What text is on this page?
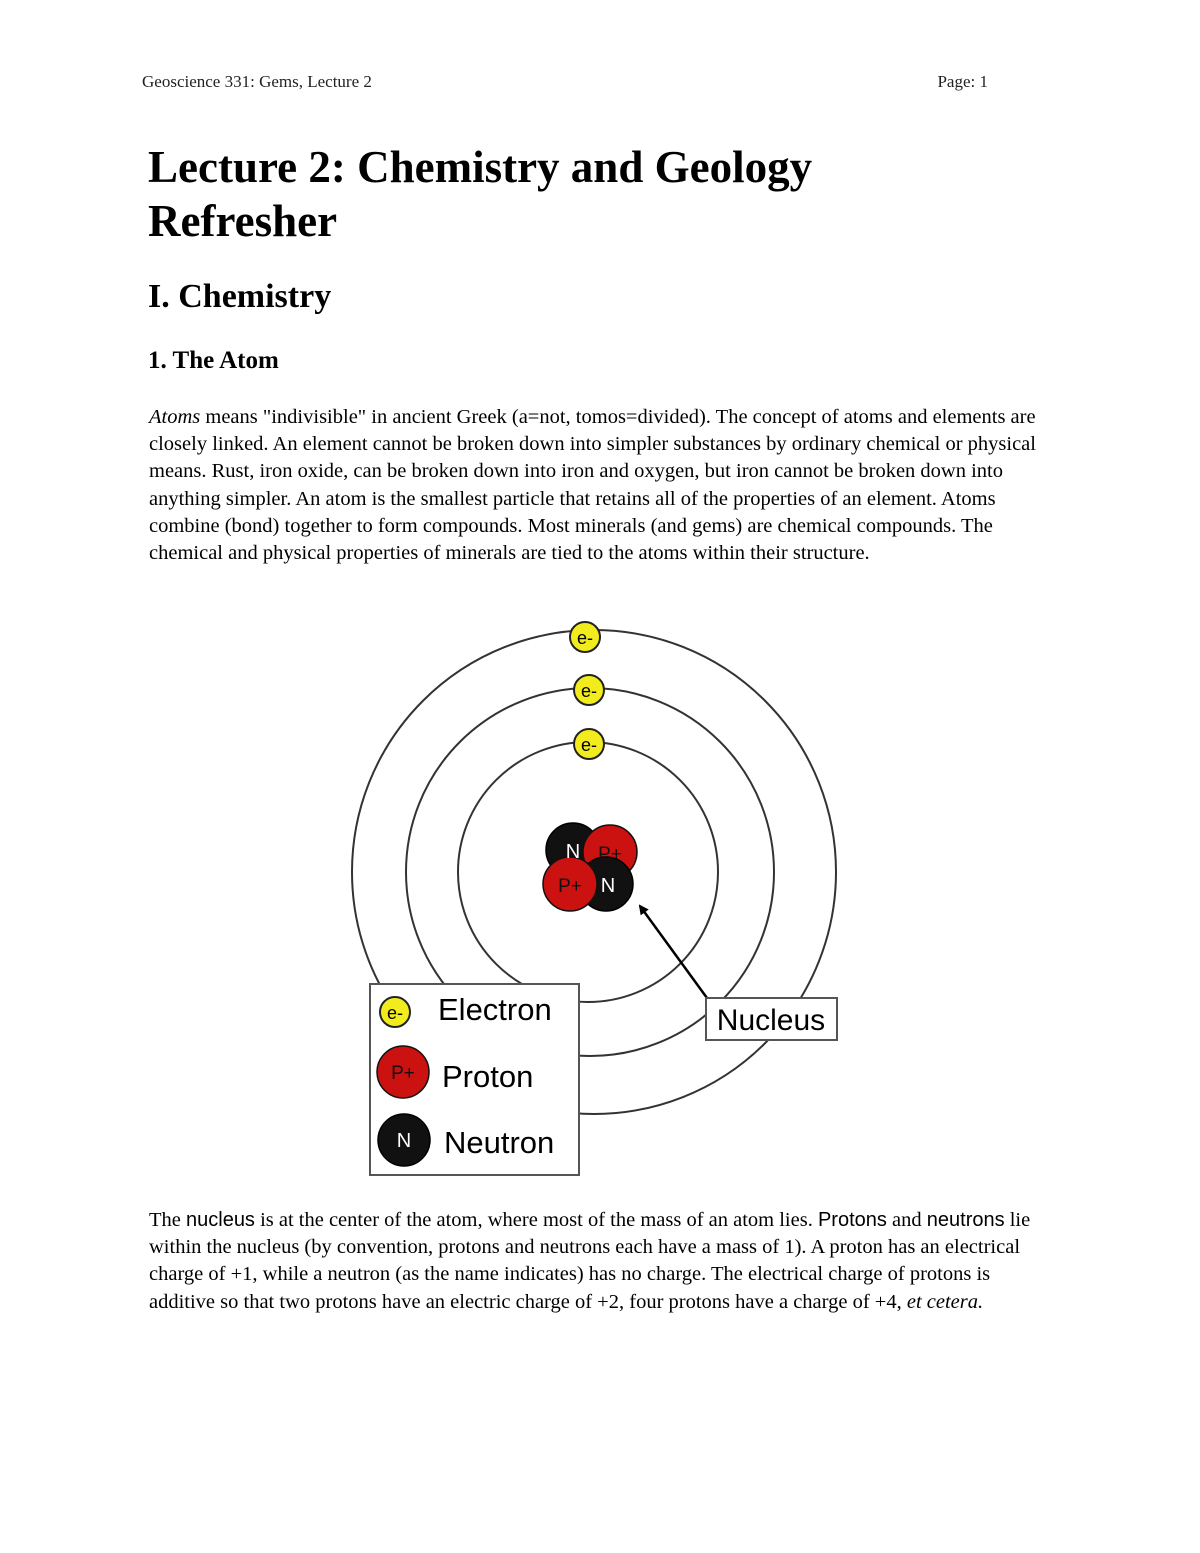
Geoscience 331: Gems, Lecture 2	Page: 1
Lecture 2: Chemistry and Geology
Refresher
I. Chemistry
1. The Atom

Atoms means "indivisible" in ancient Greek (a=not, tomos=divided). The concept of atoms and elements are closely linked. An element cannot be broken down into simpler substances by ordinary chemical or physical means. Rust, iron oxide, can be broken down into iron and oxygen, but iron cannot be broken down into anything simpler. An atom is the smallest particle that retains all of the properties of an element. Atoms combine (bond) together to form compounds. Most minerals (and gems) are chemical compounds. The chemical and physical properties of minerals are tied to the atoms within their structure.

e-
e-
e-
N P+
P+ N
Nucleus
e- Electron
P+ Proton
N Neutron

The nucleus is at the center of the atom, where most of the mass of an atom lies. Protons and neutrons lie within the nucleus (by convention, protons and neutrons each have a mass of 1). A proton has an electrical charge of +1, while a neutron (as the name indicates) has no charge. The electrical charge of protons is additive so that two protons have an electric charge of +2, four protons have a charge of +4, et cetera.
